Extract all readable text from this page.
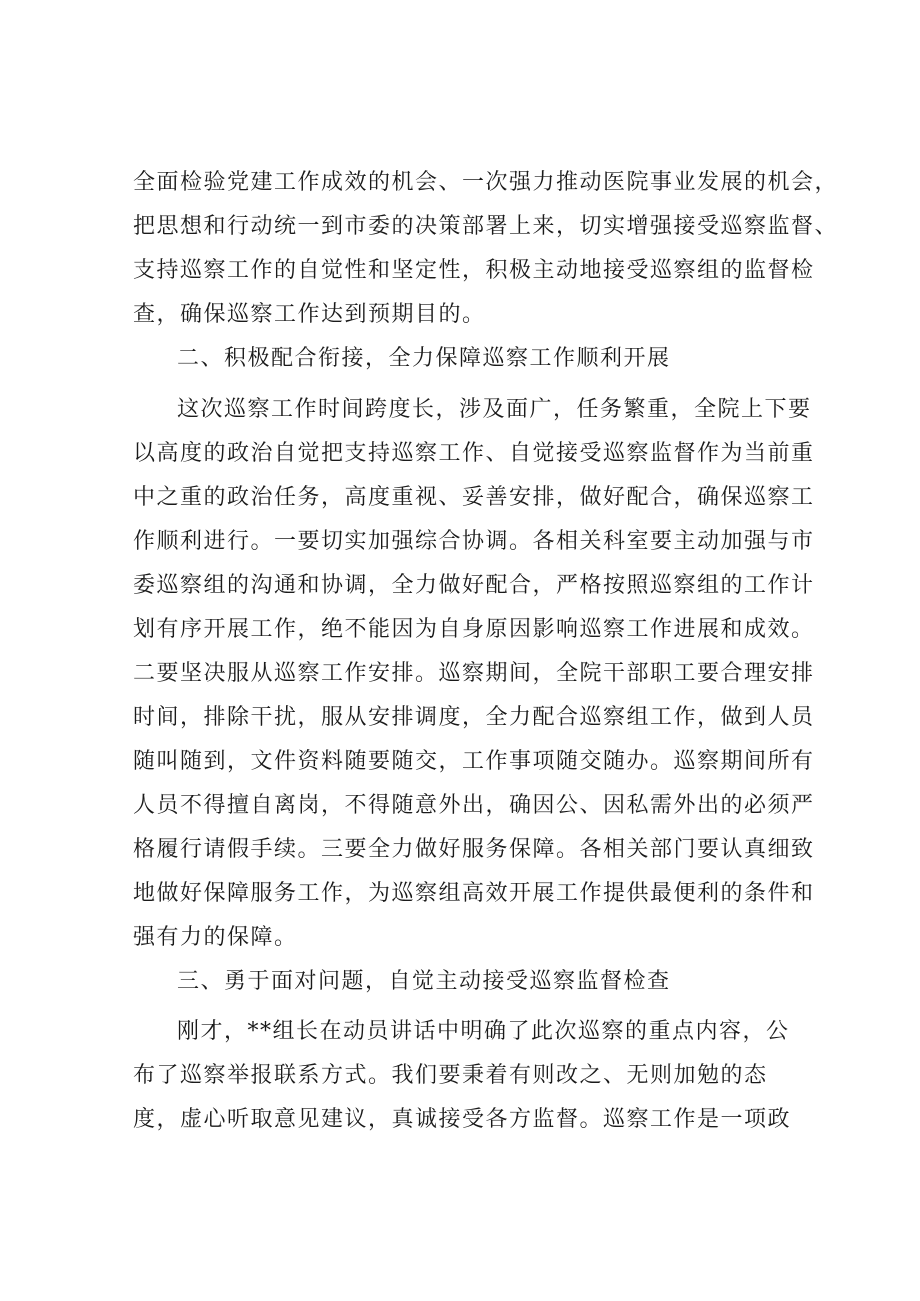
全面检验党建工作成效的机会、一次强力推动医院事业发展的机会，
把思想和行动统一到市委的决策部署上来，切实增强接受巡察监督、
支持巡察工作的自觉性和坚定性，积极主动地接受巡察组的监督检
查，确保巡察工作达到预期目的。
二、积极配合衔接，全力保障巡察工作顺利开展
这次巡察工作时间跨度长，涉及面广，任务繁重，全院上下要
以高度的政治自觉把支持巡察工作、自觉接受巡察监督作为当前重
中之重的政治任务，高度重视、妥善安排，做好配合，确保巡察工
作顺利进行。一要切实加强综合协调。各相关科室要主动加强与市
委巡察组的沟通和协调，全力做好配合，严格按照巡察组的工作计
划有序开展工作，绝不能因为自身原因影响巡察工作进展和成效。
二要坚决服从巡察工作安排。巡察期间，全院干部职工要合理安排
时间，排除干扰，服从安排调度，全力配合巡察组工作，做到人员
随叫随到，文件资料随要随交，工作事项随交随办。巡察期间所有
人员不得擅自离岗，不得随意外出，确因公、因私需外出的必须严
格履行请假手续。三要全力做好服务保障。各相关部门要认真细致
地做好保障服务工作，为巡察组高效开展工作提供最便利的条件和
强有力的保障。
三、勇于面对问题，自觉主动接受巡察监督检查
刚才，**组长在动员讲话中明确了此次巡察的重点内容，公
布了巡察举报联系方式。我们要秉着有则改之、无则加勉的态
度，虚心听取意见建议，真诚接受各方监督。巡察工作是一项政
